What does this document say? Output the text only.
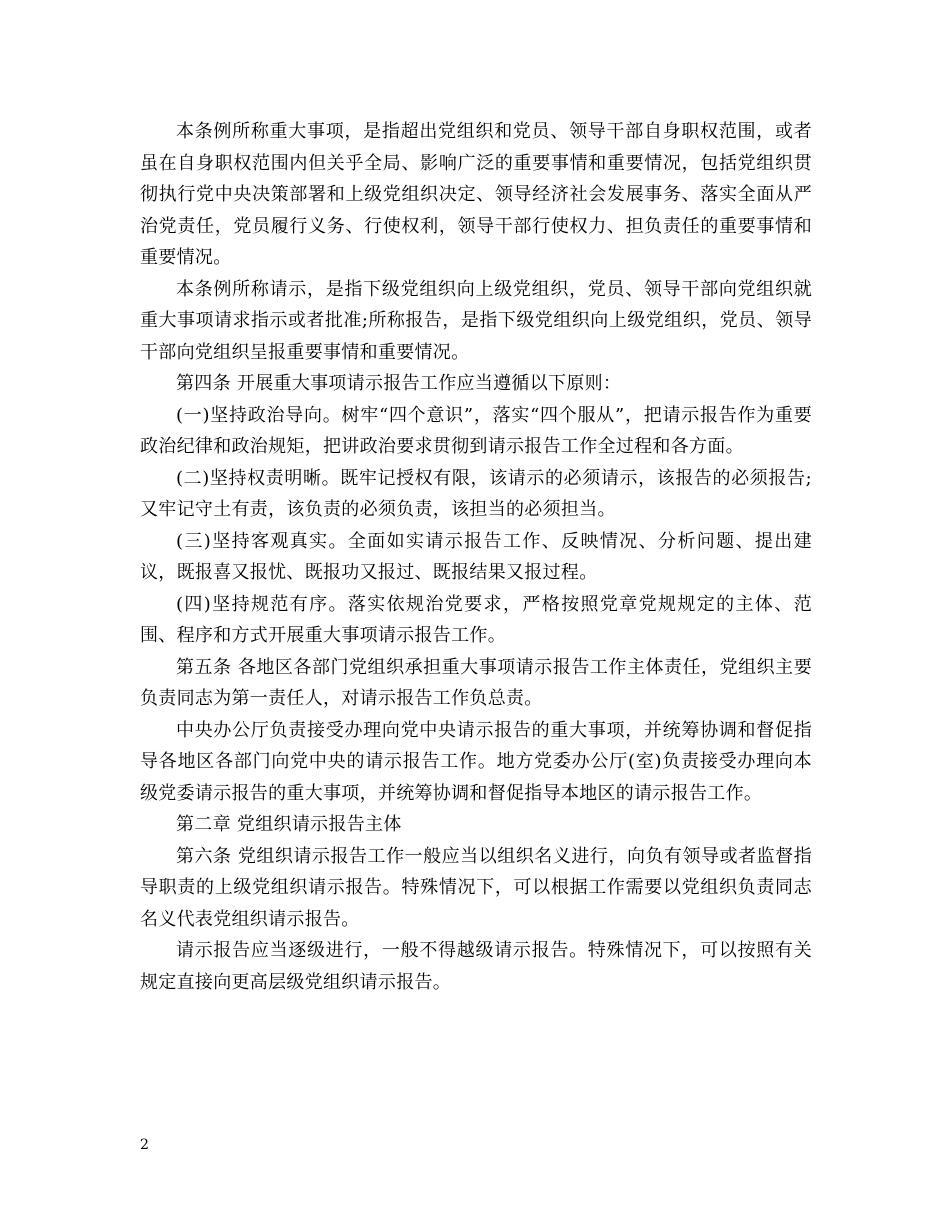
本条例所称重大事项，是指超出党组织和党员、领导干部自身职权范围，或者虽在自身职权范围内但关乎全局、影响广泛的重要事情和重要情况，包括党组织贯彻执行党中央决策部署和上级党组织决定、领导经济社会发展事务、落实全面从严治党责任，党员履行义务、行使权利，领导干部行使权力、担负责任的重要事情和重要情况。

本条例所称请示，是指下级党组织向上级党组织，党员、领导干部向党组织就重大事项请求指示或者批准;所称报告，是指下级党组织向上级党组织，党员、领导干部向党组织呈报重要事情和重要情况。

第四条 开展重大事项请示报告工作应当遵循以下原则：

(一)坚持政治导向。树牢“四个意识”，落实“四个服从”，把请示报告作为重要政治纪律和政治规矩，把讲政治要求贯彻到请示报告工作全过程和各方面。

(二)坚持权责明晰。既牢记授权有限，该请示的必须请示，该报告的必须报告;又牢记守土有责，该负责的必须负责，该担当的必须担当。

(三)坚持客观真实。全面如实请示报告工作、反映情况、分析问题、提出建议，既报喜又报忧、既报功又报过、既报结果又报过程。

(四)坚持规范有序。落实依规治党要求，严格按照党章党规规定的主体、范围、程序和方式开展重大事项请示报告工作。

第五条 各地区各部门党组织承担重大事项请示报告工作主体责任，党组织主要负责同志为第一责任人，对请示报告工作负总责。

中央办公厅负责接受办理向党中央请示报告的重大事项，并统筹协调和督促指导各地区各部门向党中央的请示报告工作。地方党委办公厅(室)负责接受办理向本级党委请示报告的重大事项，并统筹协调和督促指导本地区的请示报告工作。

第二章 党组织请示报告主体

第六条 党组织请示报告工作一般应当以组织名义进行，向负有领导或者监督指导职责的上级党组织请示报告。特殊情况下，可以根据工作需要以党组织负责同志名义代表党组织请示报告。

请示报告应当逐级进行，一般不得越级请示报告。特殊情况下，可以按照有关规定直接向更高层级党组织请示报告。

2
